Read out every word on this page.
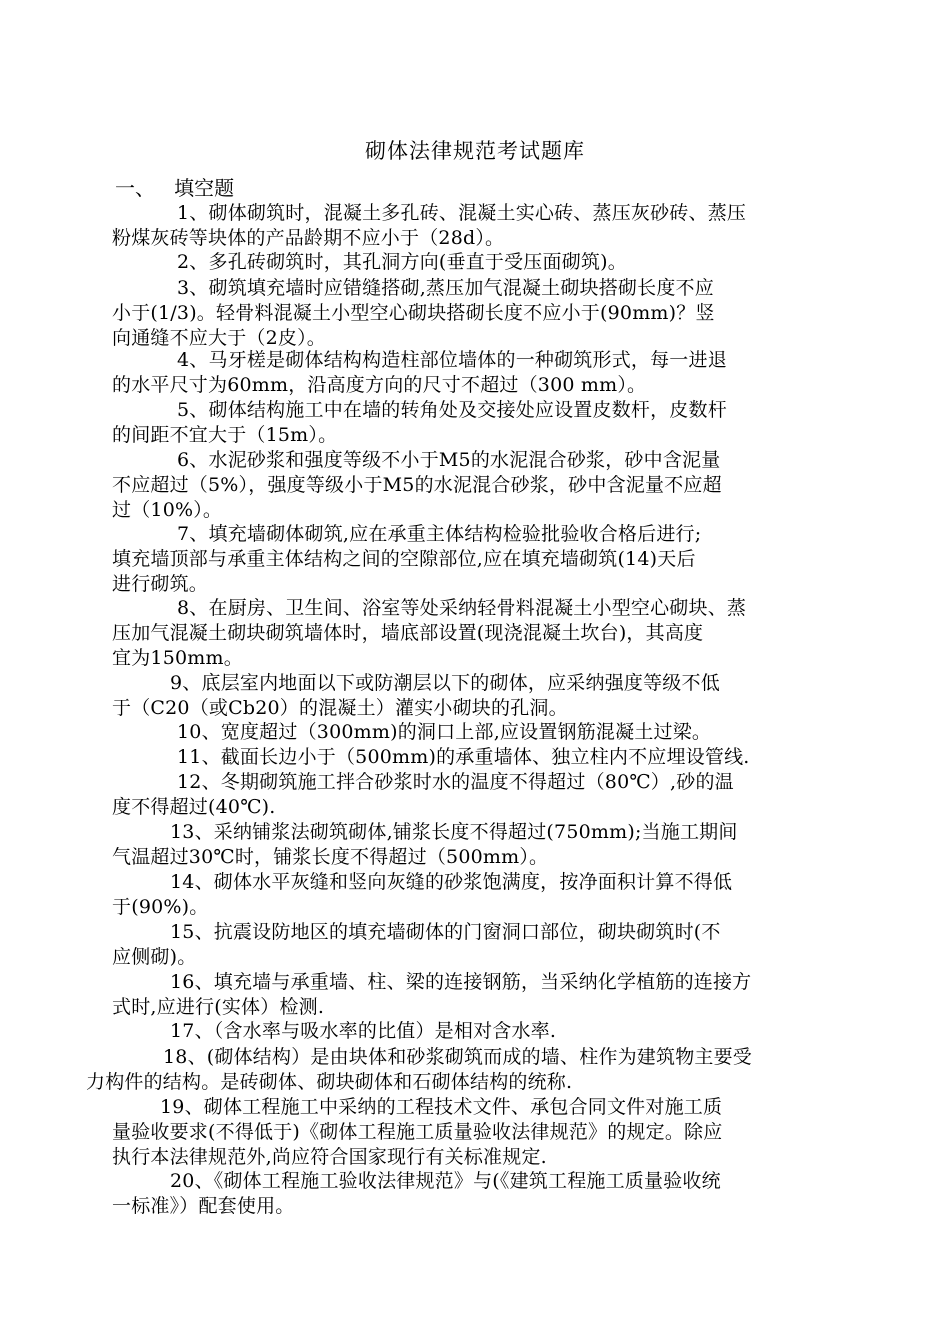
砌体法律规范考试题库
一、   填空题
1、砌体砌筑时，混凝土多孔砖、混凝土实心砖、蒸压灰砂砖、蒸压
粉煤灰砖等块体的产品龄期不应小于（28d）。
2、多孔砖砌筑时，其孔洞方向(垂直于受压面砌筑)。
3、砌筑填充墙时应错缝搭砌,蒸压加气混凝土砌块搭砌长度不应
小于(1/3)。轻骨料混凝土小型空心砌块搭砌长度不应小于(90mm)？竖
向通缝不应大于（2皮）。
4、马牙槎是砌体结构构造柱部位墙体的一种砌筑形式，每一进退
的水平尺寸为60mm，沿高度方向的尺寸不超过（300 mm）。
5、砌体结构施工中在墙的转角处及交接处应设置皮数杆，皮数杆
的间距不宜大于（15m）。
6、水泥砂浆和强度等级不小于M5的水泥混合砂浆，砂中含泥量
不应超过（5%），强度等级小于M5的水泥混合砂浆，砂中含泥量不应超
过（10%）。
7、填充墙砌体砌筑,应在承重主体结构检验批验收合格后进行;
填充墙顶部与承重主体结构之间的空隙部位,应在填充墙砌筑(14)天后
进行砌筑。
8、在厨房、卫生间、浴室等处采纳轻骨料混凝土小型空心砌块、蒸
压加气混凝土砌块砌筑墙体时，墙底部设置(现浇混凝土坎台)，其高度
宜为150mm。
9、底层室内地面以下或防潮层以下的砌体，应采纳强度等级不低
于（C20（或Cb20）的混凝土）灌实小砌块的孔洞。
10、宽度超过（300mm)的洞口上部,应设置钢筋混凝土过梁。
11、截面长边小于（500mm)的承重墙体、独立柱内不应埋设管线.
12、冬期砌筑施工拌合砂浆时水的温度不得超过（80℃）,砂的温
度不得超过(40℃).
13、采纳铺浆法砌筑砌体,铺浆长度不得超过(750mm);当施工期间
气温超过30℃时，铺浆长度不得超过（500mm）。
14、砌体水平灰缝和竖向灰缝的砂浆饱满度，按净面积计算不得低
于(90%)。
15、抗震设防地区的填充墙砌体的门窗洞口部位，砌块砌筑时(不
应侧砌)。
16、填充墙与承重墙、柱、梁的连接钢筋，当采纳化学植筋的连接方
式时,应进行(实体）检测.
17、（含水率与吸水率的比值）是相对含水率.
18、(砌体结构）是由块体和砂浆砌筑而成的墙、柱作为建筑物主要受
力构件的结构。是砖砌体、砌块砌体和石砌体结构的统称.
19、砌体工程施工中采纳的工程技术文件、承包合同文件对施工质
量验收要求(不得低于)《砌体工程施工质量验收法律规范》的规定。除应
执行本法律规范外,尚应符合国家现行有关标准规定.
20、《砌体工程施工验收法律规范》与(《建筑工程施工质量验收统
一标准》）配套使用。
